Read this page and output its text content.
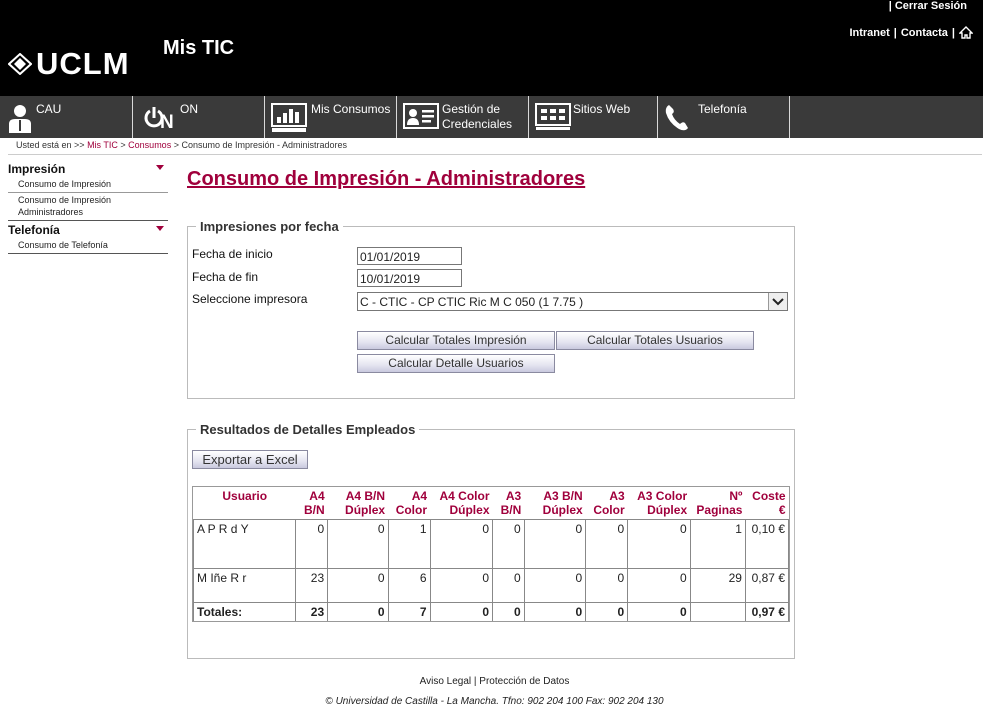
UCLM Mis TIC
| Cerrar Sesión
Intranet | Contacta |
CAU
N
ON	Mis Consumos	Gestión de Credenciales
Sitios Web	Telefonía
Usted está en >> Mis TIC > Consumos > Consumo de Impresión - Administradores
Impresión
Consumo de Impresión
Consumo de Impresión Administradores
Telefonía
Consumo de Telefonía
Consumo de Impresión - Administradores
Impresiones por fecha
Fecha de inicio	01/01/2019
Fecha de fin	10/01/2019
Seleccione impresora	C - CTIC - CP CTIC Ric M C 050 (1 7.75 )
Calcular Totales Impresión	Calcular Totales Usuarios
Calcular Detalle Usuarios
Resultados de Detalles Empleados
Exportar a Excel
Usuario	A4 B/N	A4 B/N Dúplex	A4 Color	A4 Color Dúplex	A3 B/N	A3 B/N Dúplex	A3 Color	A3 Color Dúplex	Nº Paginas	Coste €
A P R d Y	0	0	1	0	0	0	0	0	1	0,10 €
M Iñe R r	23	0	6	0	0	0	0	0	29	0,87 €
Totales:	23	0	7	0	0	0	0	0		0,97 €
Aviso Legal | Protección de Datos
© Universidad de Castilla - La Mancha. Tfno: 902 204 100 Fax: 902 204 130
